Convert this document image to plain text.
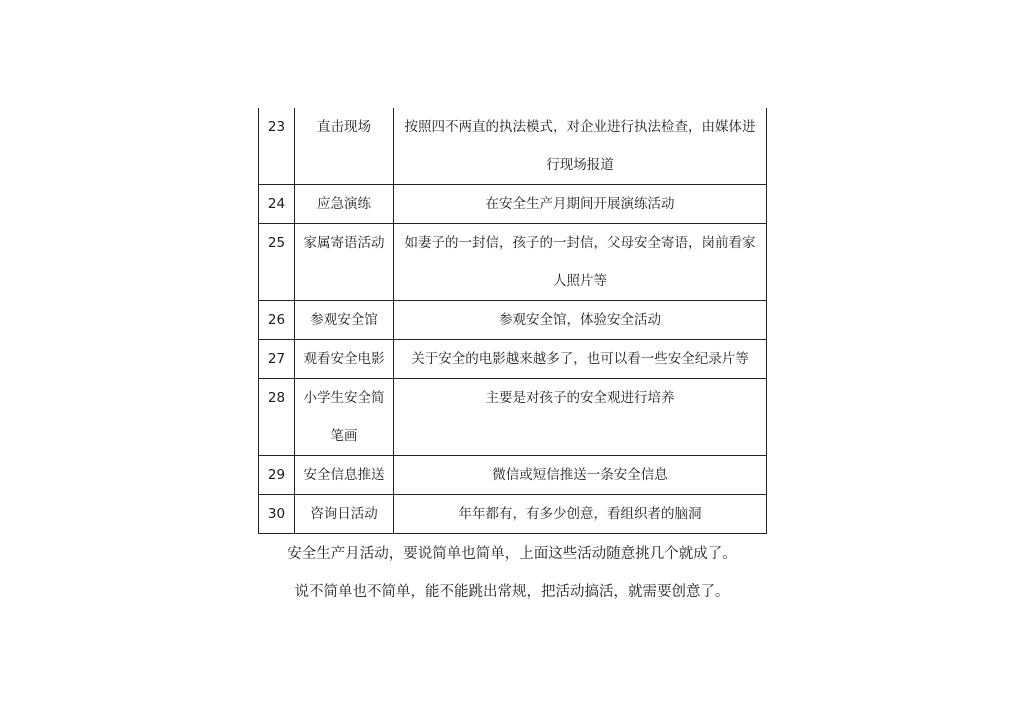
23	直击现场	按照四不两直的执法模式，对企业进行执法检查，由媒体进行现场报道
24	应急演练	在安全生产月期间开展演练活动
25	家属寄语活动	如妻子的一封信，孩子的一封信，父母安全寄语，岗前看家人照片等
26	参观安全馆	参观安全馆，体验安全活动
27	观看安全电影	关于安全的电影越来越多了，也可以看一些安全纪录片等
28	小学生安全简笔画	主要是对孩子的安全观进行培养
29	安全信息推送	微信或短信推送一条安全信息
30	咨询日活动	年年都有，有多少创意，看组织者的脑洞
安全生产月活动，要说简单也简单，上面这些活动随意挑几个就成了。
说不简单也不简单，能不能跳出常规，把活动搞活，就需要创意了。
